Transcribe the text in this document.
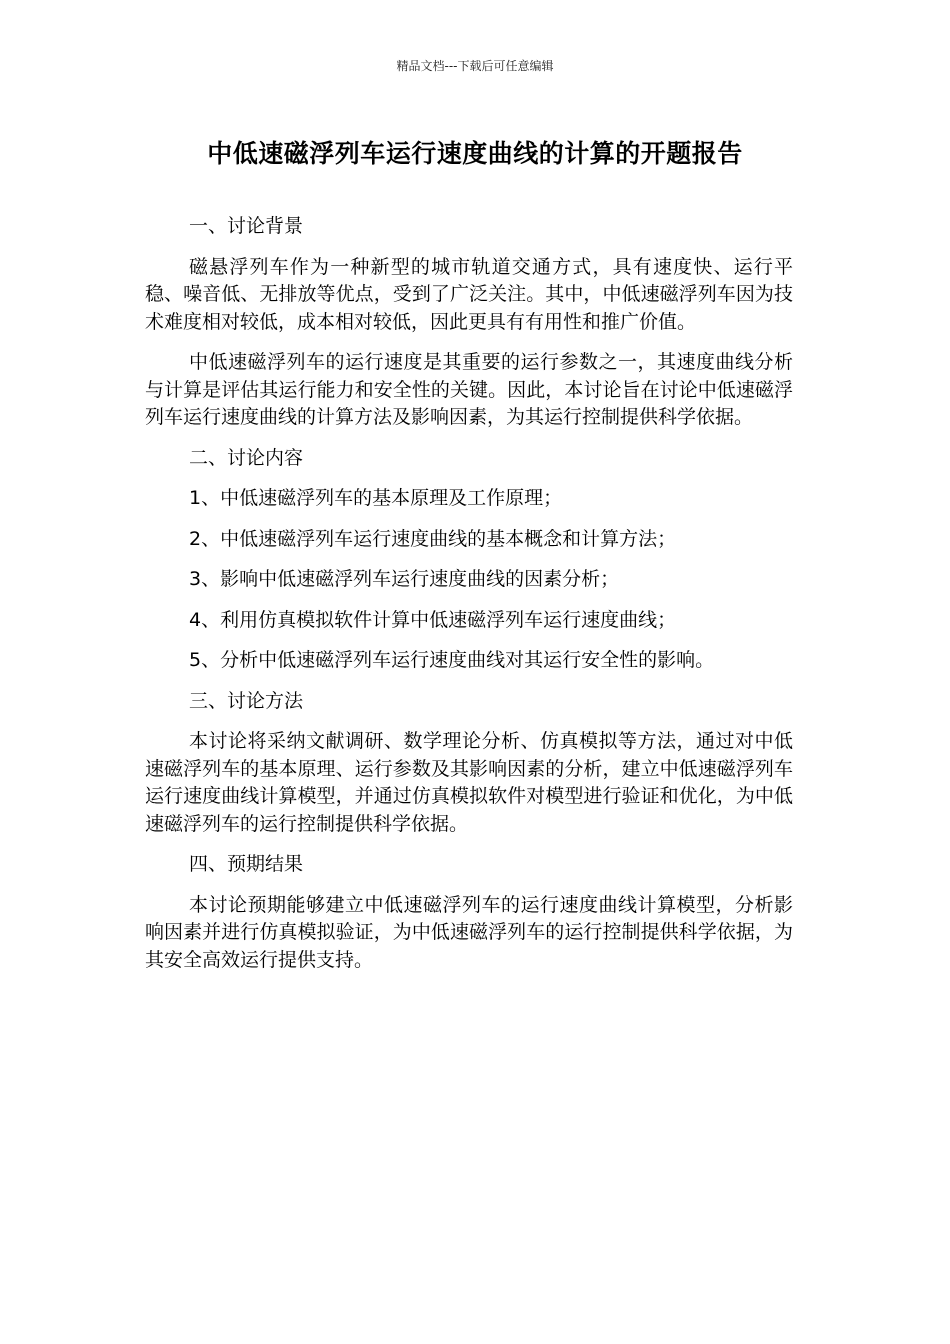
精品文档---下载后可任意编辑
中低速磁浮列车运行速度曲线的计算的开题报告

一、讨论背景

磁悬浮列车作为一种新型的城市轨道交通方式，具有速度快、运行平稳、噪音低、无排放等优点，受到了广泛关注。其中，中低速磁浮列车因为技术难度相对较低，成本相对较低，因此更具有有用性和推广价值。

中低速磁浮列车的运行速度是其重要的运行参数之一，其速度曲线分析与计算是评估其运行能力和安全性的关键。因此，本讨论旨在讨论中低速磁浮列车运行速度曲线的计算方法及影响因素，为其运行控制提供科学依据。

二、讨论内容

1、中低速磁浮列车的基本原理及工作原理；

2、中低速磁浮列车运行速度曲线的基本概念和计算方法；

3、影响中低速磁浮列车运行速度曲线的因素分析；

4、利用仿真模拟软件计算中低速磁浮列车运行速度曲线；

5、分析中低速磁浮列车运行速度曲线对其运行安全性的影响。

三、讨论方法

本讨论将采纳文献调研、数学理论分析、仿真模拟等方法，通过对中低速磁浮列车的基本原理、运行参数及其影响因素的分析，建立中低速磁浮列车运行速度曲线计算模型，并通过仿真模拟软件对模型进行验证和优化，为中低速磁浮列车的运行控制提供科学依据。

四、预期结果

本讨论预期能够建立中低速磁浮列车的运行速度曲线计算模型，分析影响因素并进行仿真模拟验证，为中低速磁浮列车的运行控制提供科学依据，为其安全高效运行提供支持。
